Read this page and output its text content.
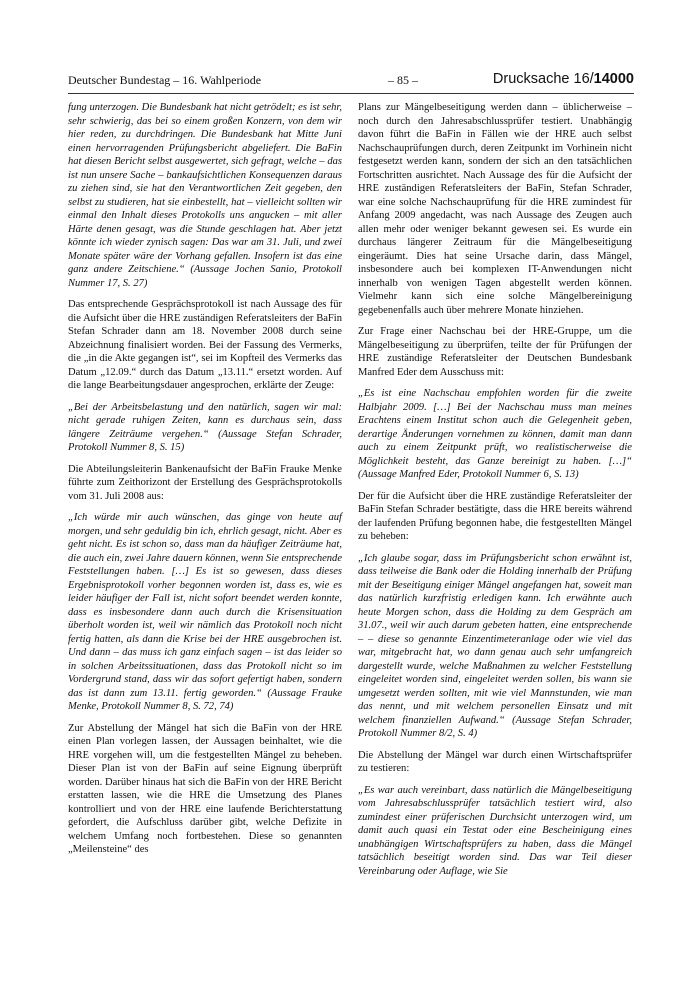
Deutscher Bundestag – 16. Wahlperiode	– 85 –	Drucksache 16/14000

fung unterzogen. Die Bundesbank hat nicht getrödelt; es ist sehr, sehr schwierig, das bei so einem großen Konzern, von dem wir hier reden, zu durchdringen. Die Bundesbank hat Mitte Juni einen hervorragenden Prüfungsbericht abgeliefert. Die BaFin hat diesen Bericht selbst ausgewertet, sich gefragt, welche – das ist nun unsere Sache – bankaufsichtlichen Konsequenzen daraus zu ziehen sind, sie hat den Verantwortlichen Zeit gegeben, den selbst zu studieren, hat sie einbestellt, hat – vielleicht sollten wir einmal den Inhalt dieses Protokolls uns angucken – mit aller Härte denen gesagt, was die Stunde geschlagen hat. Aber jetzt könnte ich wieder zynisch sagen: Das war am 31. Juli, und zwei Monate später wäre der Vorhang gefallen. Insofern ist das eine ganz andere Zeitschiene.“ (Aussage Jochen Sanio, Protokoll Nummer 17, S. 27)

Das entsprechende Gesprächsprotokoll ist nach Aussage des für die Aufsicht über die HRE zuständigen Referatsleiters der BaFin Stefan Schrader dann am 18. November 2008 durch seine Abzeichnung finalisiert worden. Bei der Fassung des Vermerks, die „in die Akte gegangen ist“, sei im Kopfteil des Vermerks das Datum „12.09.“ durch das Datum „13.11.“ ersetzt worden. Auf die lange Bearbeitungsdauer angesprochen, erklärte der Zeuge:

„Bei der Arbeitsbelastung und den natürlich, sagen wir mal: nicht gerade ruhigen Zeiten, kann es durchaus sein, dass längere Zeiträume vergehen.“ (Aussage Stefan Schrader, Protokoll Nummer 8, S. 15)

Die Abteilungsleiterin Bankenaufsicht der BaFin Frauke Menke führte zum Zeithorizont der Erstellung des Gesprächsprotokolls vom 31. Juli 2008 aus:

„Ich würde mir auch wünschen, das ginge von heute auf morgen, und sehr geduldig bin ich, ehrlich gesagt, nicht. Aber es geht nicht. Es ist schon so, dass man da häufiger Zeiträume hat, die auch ein, zwei Jahre dauern können, wenn Sie entsprechende Feststellungen haben. […] Es ist so gewesen, dass dieses Ergebnisprotokoll vorher begonnen worden ist, dass es, wie es leider häufiger der Fall ist, nicht sofort beendet werden konnte, dass es insbesondere dann auch durch die Krisensituation überholt worden ist, weil wir nämlich das Protokoll noch nicht fertig hatten, als dann die Krise bei der HRE ausgebrochen ist. Und dann – das muss ich ganz einfach sagen – ist das leider so in solchen Arbeitssituationen, dass das Protokoll nicht so im Vordergrund stand, dass wir das sofort gefertigt haben, sondern das ist dann zum 13.11. fertig geworden.“ (Aussage Frauke Menke, Protokoll Nummer 8, S. 72, 74)

Zur Abstellung der Mängel hat sich die BaFin von der HRE einen Plan vorlegen lassen, der Aussagen beinhaltet, wie die HRE vorgehen will, um die festgestellten Mängel zu beheben. Dieser Plan ist von der BaFin auf seine Eignung überprüft worden. Darüber hinaus hat sich die BaFin von der HRE Bericht erstatten lassen, wie die HRE die Umsetzung des Planes kontrolliert und von der HRE eine laufende Berichterstattung gefordert, die Aufschluss darüber gibt, welche Defizite in welchem Umfang noch fortbestehen. Diese so genannten „Meilensteine“ des

Plans zur Mängelbeseitigung werden dann – üblicherweise – noch durch den Jahresabschlussprüfer testiert. Unabhängig davon führt die BaFin in Fällen wie der HRE auch selbst Nachschauprüfungen durch, deren Zeitpunkt im Vorhinein nicht festgesetzt werden kann, sondern der sich an den tatsächlichen Fortschritten ausrichtet. Nach Aussage des für die Aufsicht der HRE zuständigen Referatsleiters der BaFin, Stefan Schrader, war eine solche Nachschauprüfung für die HRE zumindest für Anfang 2009 angedacht, was nach Aussage des Zeugen auch allen mehr oder weniger bekannt gewesen sei. Es wurde ein durchaus längerer Zeitraum für die Mängelbeseitigung eingeräumt. Dies hat seine Ursache darin, dass Mängel, insbesondere auch bei komplexen IT-Anwendungen nicht innerhalb von wenigen Tagen abgestellt werden können. Vielmehr kann sich eine solche Mängelbereinigung gegebenenfalls auch über mehrere Monate hinziehen.

Zur Frage einer Nachschau bei der HRE-Gruppe, um die Mängelbeseitigung zu überprüfen, teilte der für Prüfungen der HRE zuständige Referatsleiter der Deutschen Bundesbank Manfred Eder dem Ausschuss mit:

„Es ist eine Nachschau empfohlen worden für die zweite Halbjahr 2009. […] Bei der Nachschau muss man meines Erachtens einem Institut schon auch die Gelegenheit geben, derartige Änderungen vornehmen zu können, damit man dann auch zu einem Zeitpunkt prüft, wo realistischerweise die Möglichkeit besteht, das Ganze bereinigt zu haben. […]“ (Aussage Manfred Eder, Protokoll Nummer 6, S. 13)

Der für die Aufsicht über die HRE zuständige Referatsleiter der BaFin Stefan Schrader bestätigte, dass die HRE bereits während der laufenden Prüfung begonnen habe, die festgestellten Mängel zu beheben:

„Ich glaube sogar, dass im Prüfungsbericht schon erwähnt ist, dass teilweise die Bank oder die Holding innerhalb der Prüfung mit der Beseitigung einiger Mängel angefangen hat, soweit man das natürlich kurzfristig erledigen kann. Ich erwähnte auch heute Morgen schon, dass die Holding zu dem Gespräch am 31.07., weil wir auch darum gebeten hatten, eine entsprechende – – diese so genannte Einzentimeteranlage oder wie viel das war, mitgebracht hat, wo dann genau auch sehr umfangreich dargestellt wurde, welche Maßnahmen zu welcher Feststellung eingeleitet worden sind, eingeleitet werden sollen, bis wann sie umgesetzt werden sollten, mit wie viel Mannstunden, wie man das nennt, und mit welchem personellen Einsatz und mit welchem finanziellen Aufwand.“ (Aussage Stefan Schrader, Protokoll Nummer 8/2, S. 4)

Die Abstellung der Mängel war durch einen Wirtschaftsprüfer zu testieren:

„Es war auch vereinbart, dass natürlich die Mängelbeseitigung vom Jahresabschlussprüfer tatsächlich testiert wird, also zumindest einer prüferischen Durchsicht unterzogen wird, um damit auch quasi ein Testat oder eine Bescheinigung eines unabhängigen Wirtschaftsprüfers zu haben, dass die Mängel tatsächlich beseitigt worden sind. Das war Teil dieser Vereinbarung oder Auflage, wie Sie
